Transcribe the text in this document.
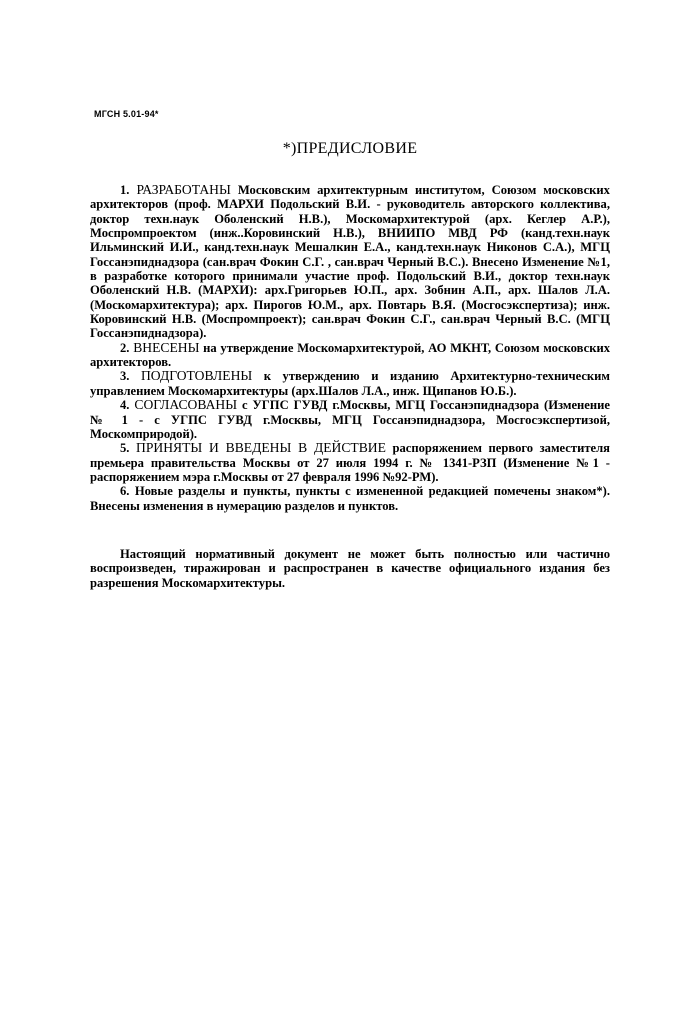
МГСН 5.01-94*
*)ПРЕДИСЛОВИЕ

1. РАЗРАБОТАНЫ Московским архитектурным институтом, Союзом московских архитекторов (проф. МАРХИ Подольский В.И. - руководитель авторского коллектива, доктор техн.наук Оболенский Н.В.), Москомархитектурой (арх. Кеглер А.Р.), Моспромпроектом (инж..Коровинский Н.В.), ВНИИПО МВД РФ (канд.техн.наук Ильминский И.И., канд.техн.наук Мешалкин Е.А., канд.техн.наук Никонов С.А.), МГЦ Госсанэпиднадзора (сан.врач Фокин С.Г. , сан.врач Черный В.С.). Внесено Изменение №1, в разработке которого принимали участие проф. Подольский В.И., доктор техн.наук Оболенский Н.В. (МАРХИ): арх.Григорьев Ю.П., арх. Зобнин А.П., арх. Шалов Л.А. (Москомархитектура); арх. Пирогов Ю.М., арх. Повтарь В.Я. (Мосгосэкспертиза); инж. Коровинский Н.В. (Моспромпроект); сан.врач Фокин С.Г., сан.врач Черный В.С. (МГЦ Госсанэпиднадзора).

2. ВНЕСЕНЫ на утверждение Москомархитектурой, АО МКНТ, Союзом московских архитекторов.

3. ПОДГОТОВЛЕНЫ к утверждению и изданию Архитектурно-техническим управлением Москомархитектуры (арх.Шалов Л.А., инж. Щипанов Ю.Б.).

4. СОГЛАСОВАНЫ с УГПС ГУВД г.Москвы, МГЦ Госсанэпиднадзора (Изменение № 1 - с УГПС ГУВД г.Москвы, МГЦ Госсанэпиднадзора, Мосгосэкспертизой, Москомприродой).

5. ПРИНЯТЫ И ВВЕДЕНЫ В ДЕЙСТВИЕ распоряжением первого заместителя премьера правительства Москвы от 27 июля 1994 г. № 1341-РЗП (Изменение №1 - распоряжением мэра г.Москвы от 27 февраля 1996 №92-РМ).

6. Новые разделы и пункты, пункты с измененной редакцией помечены знаком*). Внесены изменения в нумерацию разделов и пунктов.

Настоящий нормативный документ не может быть полностью или частично воспроизведен, тиражирован и распространен в качестве официального издания без разрешения Москомархитектуры.
